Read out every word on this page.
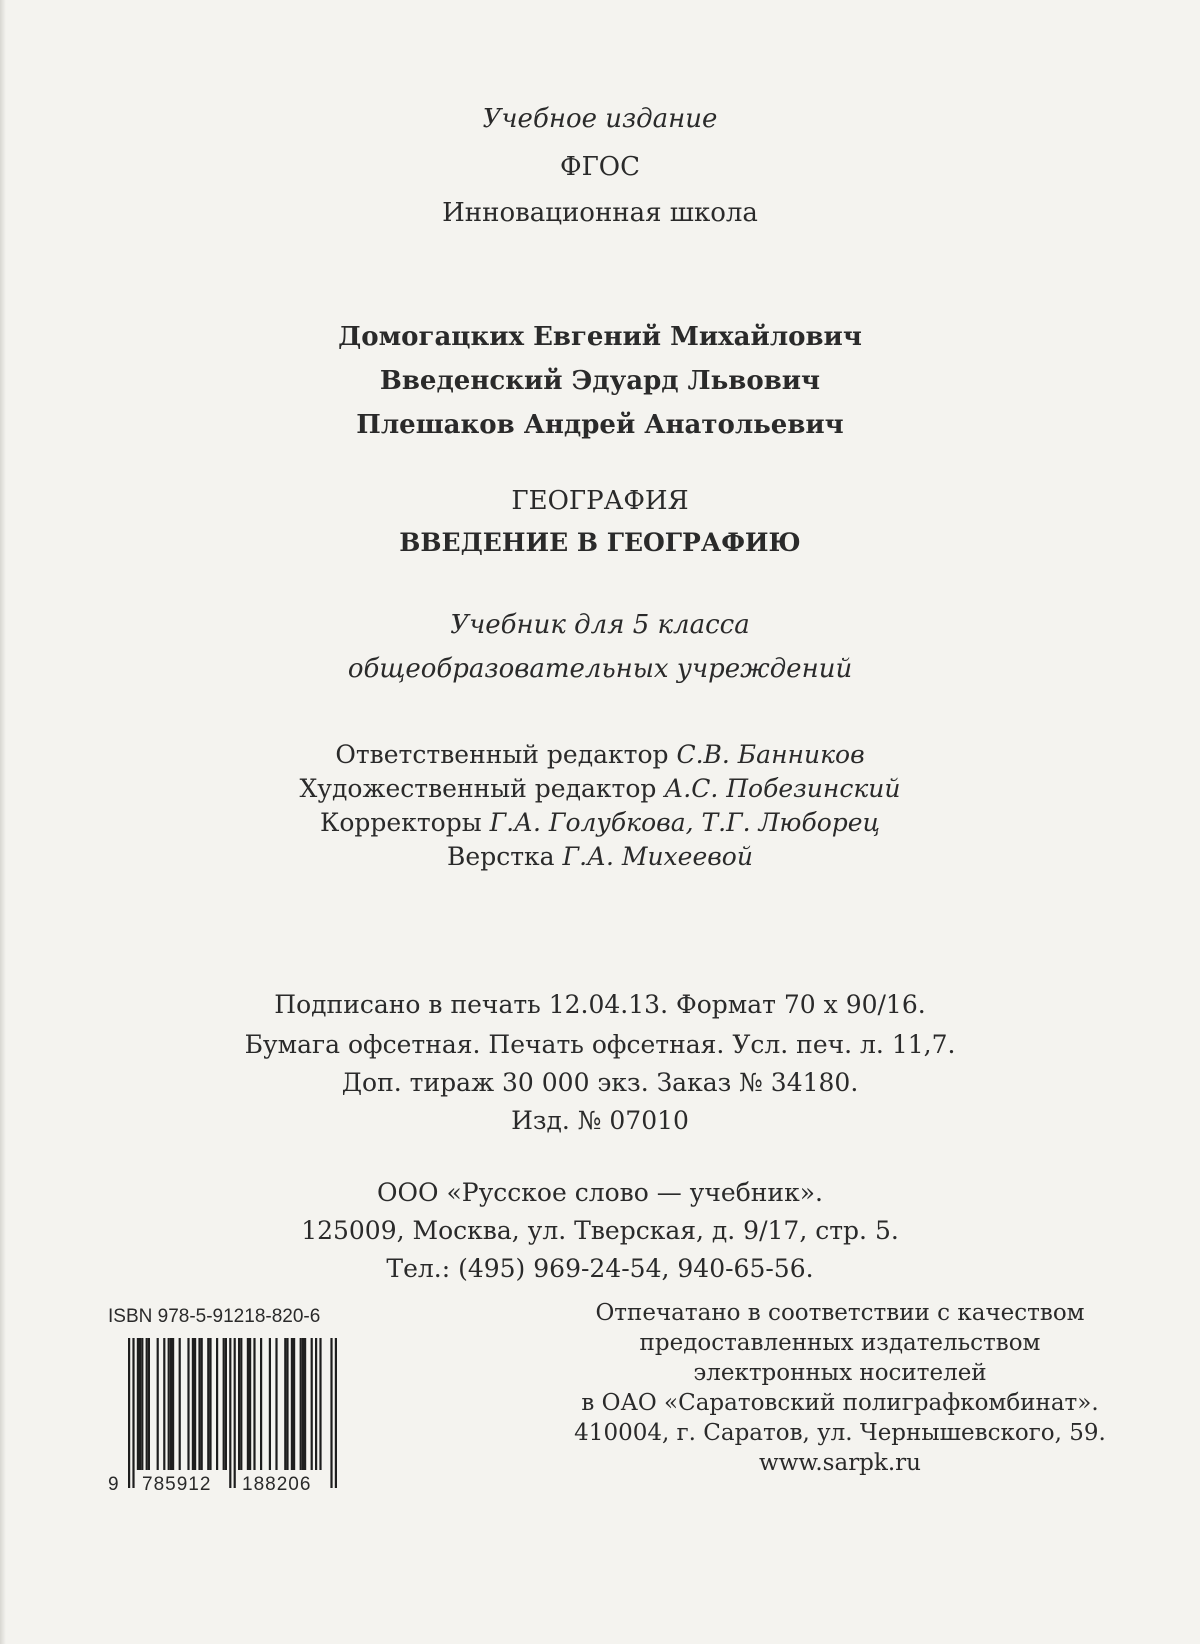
Учебное издание
ФГОС
Инновационная школа
Домогацких Евгений Михайлович
Введенский Эдуард Львович
Плешаков Андрей Анатольевич
ГЕОГРАФИЯ
ВВЕДЕНИЕ В ГЕОГРАФИЮ
Учебник для 5 класса
общеобразовательных учреждений
Ответственный редактор С.В. Банников
Художественный редактор А.С. Побезинский
Корректоры Г.А. Голубкова, Т.Г. Люборец
Верстка Г.А. Михеевой
Подписано в печать 12.04.13. Формат 70 х 90/16.
Бумага офсетная. Печать офсетная. Усл. печ. л. 11,7.
Доп. тираж 30 000 экз. Заказ № 34180.
Изд. № 07010
ООО «Русское слово — учебник».
125009, Москва, ул. Тверская, д. 9/17, стр. 5.
Тел.: (495) 969-24-54, 940-65-56.
ISBN 978-5-91218-820-6
9 785912 188206
Отпечатано в соответствии с качеством
предоставленных издательством
электронных носителей
в ОАО «Саратовский полиграфкомбинат».
410004, г. Саратов, ул. Чернышевского, 59.
www.sarpk.ru
